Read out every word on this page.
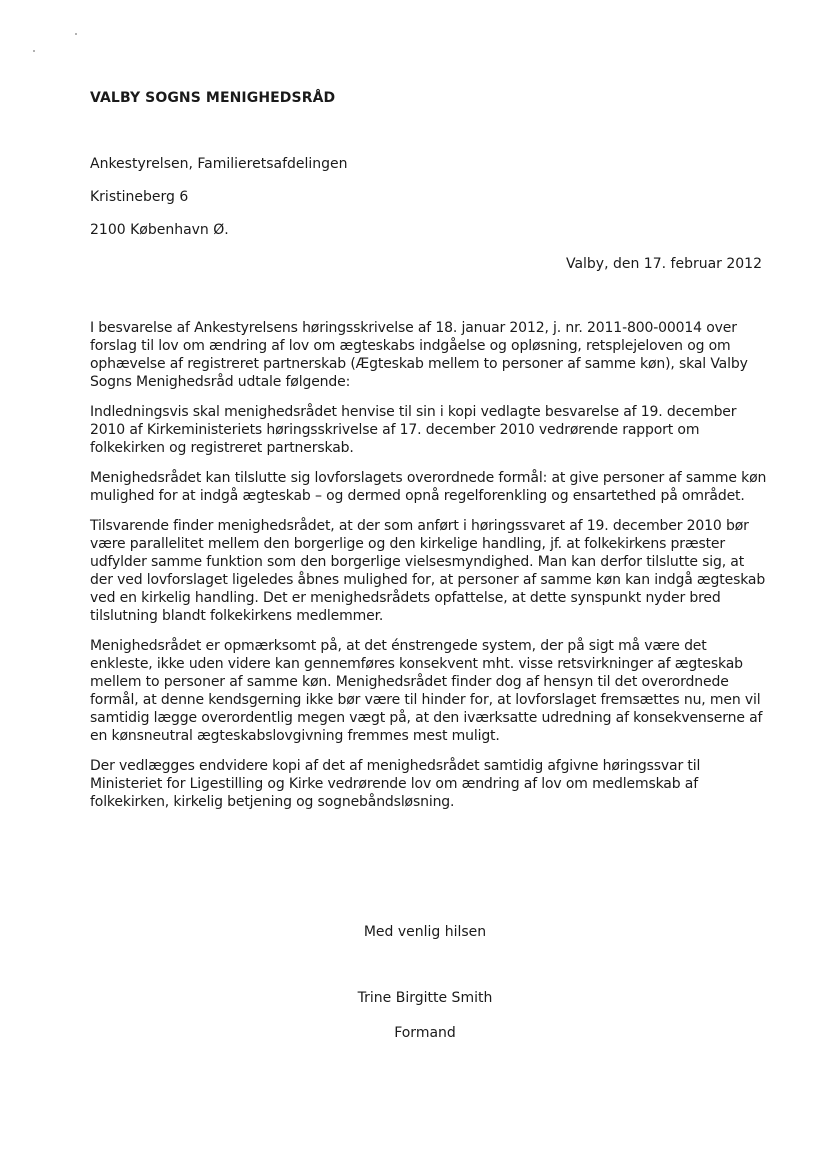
VALBY SOGNS MENIGHEDSRÅD
Ankestyrelsen, Familieretsafdelingen
Kristineberg 6
2100 København Ø.
Valby, den 17. februar 2012

I besvarelse af Ankestyrelsens høringsskrivelse af 18. januar 2012, j. nr. 2011-800-00014 over forslag til lov om ændring af lov om ægteskabs indgåelse og opløsning, retsplejeloven og om ophævelse af registreret partnerskab (Ægteskab mellem to personer af samme køn), skal Valby Sogns Menighedsråd udtale følgende:

Indledningsvis skal menighedsrådet henvise til sin i kopi vedlagte besvarelse af 19. december 2010 af Kirkeministeriets høringsskrivelse af 17. december 2010 vedrørende rapport om folkekirken og registreret partnerskab.

Menighedsrådet kan tilslutte sig lovforslagets overordnede formål: at give personer af samme køn mulighed for at indgå ægteskab – og dermed opnå regelforenkling og ensartethed på området.

Tilsvarende finder menighedsrådet, at der som anført i høringssvaret af 19. december 2010 bør være parallelitet mellem den borgerlige og den kirkelige handling, jf. at folkekirkens præster udfylder samme funktion som den borgerlige vielsesmyndighed. Man kan derfor tilslutte sig, at der ved lovforslaget ligeledes åbnes mulighed for, at personer af samme køn kan indgå ægteskab ved en kirkelig handling. Det er menighedsrådets opfattelse, at dette synspunkt nyder bred tilslutning blandt folkekirkens medlemmer.

Menighedsrådet er opmærksomt på, at det énstrengede system, der på sigt må være det enkleste, ikke uden videre kan gennemføres konsekvent mht. visse retsvirkninger af ægteskab mellem to personer af samme køn. Menighedsrådet finder dog af hensyn til det overordnede formål, at denne kendsgerning ikke bør være til hinder for, at lovforslaget fremsættes nu, men vil samtidig lægge overordentlig megen vægt på, at den iværksatte udredning af konsekvenserne af en kønsneutral ægteskabslovgivning fremmes mest muligt.

Der vedlægges endvidere kopi af det af menighedsrådet samtidig afgivne høringssvar til Ministeriet for Ligestilling og Kirke vedrørende lov om ændring af lov om medlemskab af folkekirken, kirkelig betjening og sognebåndsløsning.

Med venlig hilsen
Trine Birgitte Smith
Formand
